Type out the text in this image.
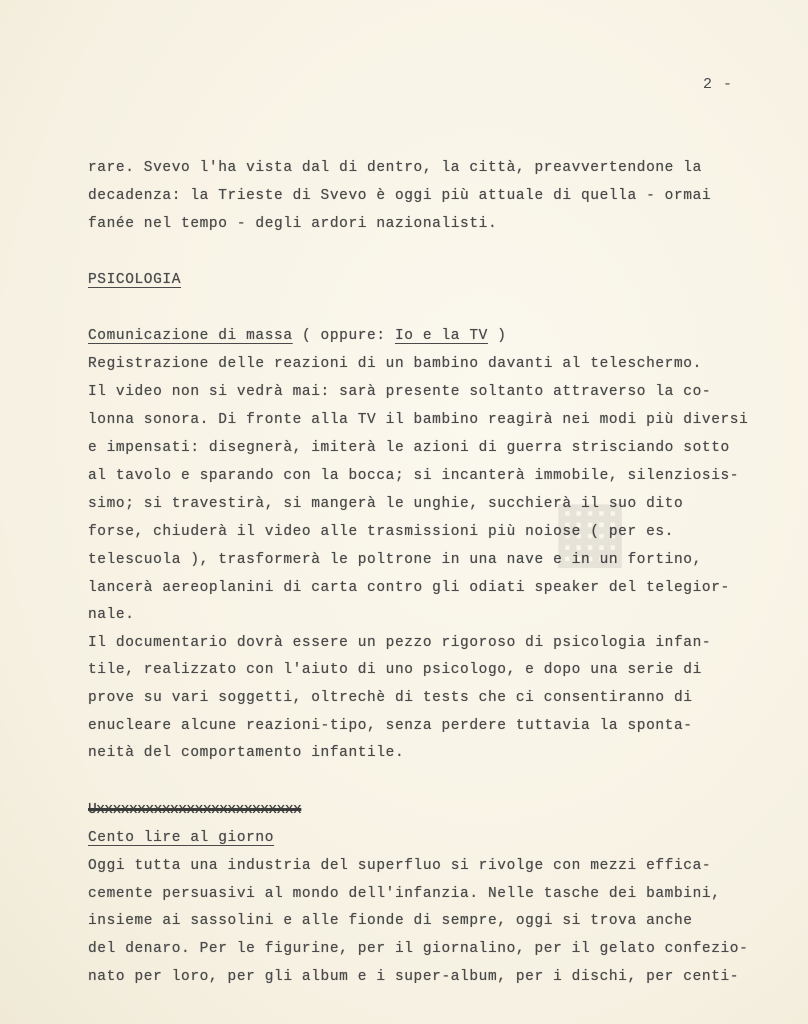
2 -
rare. Svevo l'ha vista dal di dentro, la città, preavvertendone la
decadenza: la Trieste di Svevo è oggi più attuale di quella - ormai
fanée nel tempo - degli ardori nazionalisti.
PSICOLOGIA
Comunicazione di massa ( oppure: Io e la TV )
Registrazione delle reazioni di un bambino davanti al teleschermo.
Il video non si vedrà mai: sarà presente soltanto attraverso la co-
lonna sonora. Di fronte alla TV il bambino reagirà nei modi più diversi
e impensati: disegnerà, imiterà le azioni di guerra strisciando sotto
al tavolo e sparando con la bocca; si incanterà immobile, silenziosis-
simo; si travestirà, si mangerà le unghie, succhierà il suo dito
forse, chiuderà il video alle trasmissioni più noiose ( per es.
telescuola ), trasformerà le poltrone in una nave e in un fortino,
lancerà aereoplanini di carta contro gli odiati speaker del telegior-
nale.
Il documentario dovrà essere un pezzo rigoroso di psicologia infan-
tile, realizzato con l'aiuto di uno psicologo, e dopo una serie di
prove su vari soggetti, oltrechè di tests che ci consentiranno di
enucleare alcune reazioni-tipo, senza perdere tuttavia la sponta-
neità del comportamento infantile.
Uxxxxxxxxxxxxxxxxxxxxxxxxx
Cento lire al giorno
Oggi tutta una industria del superfluo si rivolge con mezzi effica-
cemente persuasivi al mondo dell'infanzia. Nelle tasche dei bambini,
insieme ai sassolini e alle fionde di sempre, oggi si trova anche
del denaro. Per le figurine, per il giornalino, per il gelato confezio-
nato per loro, per gli album e i super-album, per i dischi, per centi-
▦
